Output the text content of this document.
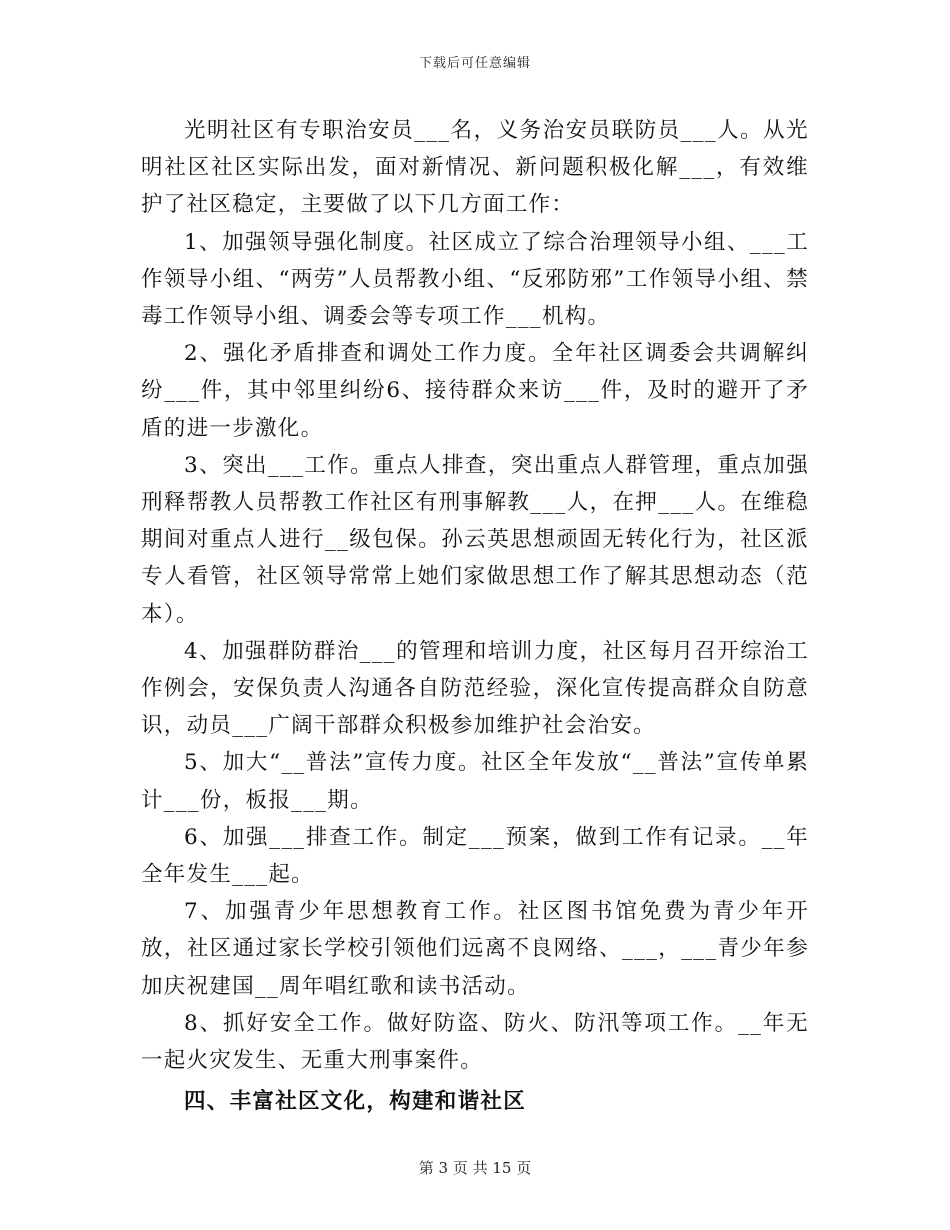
下载后可任意编辑

光明社区有专职治安员___名，义务治安员联防员___人。从光明社区社区实际出发，面对新情况、新问题积极化解___，有效维护了社区稳定，主要做了以下几方面工作：

1、加强领导强化制度。社区成立了综合治理领导小组、___工作领导小组、“两劳”人员帮教小组、“反邪防邪”工作领导小组、禁毒工作领导小组、调委会等专项工作___机构。

2、强化矛盾排查和调处工作力度。全年社区调委会共调解纠纷___件，其中邻里纠纷6、接待群众来访___件，及时的避开了矛盾的进一步激化。

3、突出___工作。重点人排查，突出重点人群管理，重点加强刑释帮教人员帮教工作社区有刑事解教___人，在押___人。在维稳期间对重点人进行__级包保。孙云英思想顽固无转化行为，社区派专人看管，社区领导常常上她们家做思想工作了解其思想动态（范本）。

4、加强群防群治___的管理和培训力度，社区每月召开综治工作例会，安保负责人沟通各自防范经验，深化宣传提高群众自防意识，动员___广阔干部群众积极参加维护社会治安。

5、加大“__普法”宣传力度。社区全年发放“__普法”宣传单累计___份，板报___期。

6、加强___排查工作。制定___预案，做到工作有记录。__年全年发生___起。

7、加强青少年思想教育工作。社区图书馆免费为青少年开放，社区通过家长学校引领他们远离不良网络、___，___青少年参加庆祝建国__周年唱红歌和读书活动。

8、抓好安全工作。做好防盗、防火、防汛等项工作。__年无一起火灾发生、无重大刑事案件。

四、丰富社区文化，构建和谐社区

第 3 页 共 15 页
